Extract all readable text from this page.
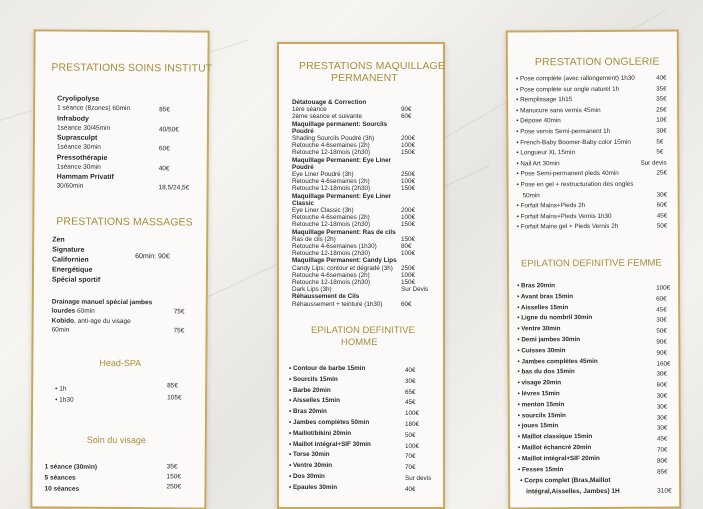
PRESTATIONS SOINS INSTITUT
Cryolipolyse
1 séance (8zones) 60min	85€
Infrabody
1séance 30/45min	40/50€
Suprasculpt
1séance 30min	60€
Pressothérapie
1séance 30min	40€
Hammam Privatif
30/60min	18,5/24,5€
PRESTATIONS MASSAGES
Zen
Signature
Californien
Energétique
Spécial sportif
60min: 90€
Drainage manuel spécial jambes
lourdes 60min	75€
Kobido, anti-age du visage
60min	75€
Head-SPA
• 1h	85€
• 1h30	105€
Soin du visage
1 séance (30min)	35€
5 séances	150€
10 séances	250€
PRESTATIONS MAQUILLAGE
PERMANENT
Détatouage & Correction
1ère séance	90€
2ème séance et suivante	60€
Maquillage permanent: Sourcils
Poudré
Shading Sourcils Poudré (3h)	200€
Retouche 4-6semaines (2h)	100€
Retouche 12-18mois (2h30)	150€
Maquillage Permanent: Eye Liner
Poudré
Eye Liner Poudré (3h)	250€
Retouche 4-6semaines (2h)	100€
Retouche 12-18mois (2h30)	150€
Maquillage Permanent: Eye Liner
Classic
Eye Liner Classic (3h)	200€
Retouche 4-6semaines (2h)	100€
Retouche 12-18mois (2h30)	150€
Maquillage Permanent: Ras de cils
Ras de cils (2h)	150€
Retouche 4-6semaines (1h30)	80€
Retouche 12-18mois (2h30)	100€
Maquillage Permanent: Candy Lips
Candy Lips: contour et dégradé (3h) 250€
Retouche 4-6semaines (2h)	100€
Retouche 12-18mois (2h30)	150€
Dark Lips (3h)	Sur Devis
Réhaussement de Cils
Réhaussement + teinture (1h30)	60€
EPILATION DEFINITIVE
HOMME
• Contour de barbe 15min	40€
• Sourcils 15min	30€
• Barbe 20min	65€
• Aisselles 15min	45€
• Bras 20min	100€
• Jambes complètes 50min	180€
• Maillot/bikini 20min	50€
• Maillot intégral+SIF 30min	100€
• Torse 30min	70€
• Ventre 30min	70€
• Dos 30min	Sur devis
• Epaules 30min	40€
PRESTATION ONGLERIE
• Pose complète (avec rallongement) 1h30	40€
• Pose complète sur ongle naturel 1h	35€
• Remplissage 1h15	35€
• Manucure sans vernis 45min	25€
• Dépose 40min	10€
• Pose vernis Semi-permanent 1h	30€
• French-Baby Boomer-Baby color 15min	5€
• Longueur XL 15min	5€
• Nail Art 30min	Sur devis
• Pose Semi-permanent pieds 40min	25€
• Pose en gel + restructuration des ongles
50min	30€
• Forfait Mains+Pieds 2h	60€
• Forfait Mains+Pieds Vernis 1h30	45€
• Forfait Mains gel + Pieds Vernis 2h	50€
EPILATION DEFINITIVE FEMME
• Bras 20min	100€
• Avant bras 15min	60€
• Aisselles 15min	45€
• Ligne du nombril 30min	30€
• Ventre 30min	50€
• Demi jambes 30min	90€
• Cuisses 30min	90€
• Jambes complètes 45min	160€
• bas du dos 15min	30€
• visage 20min	60€
• lèvres 15min	30€
• menton 15min	30€
• sourcils 15min	30€
• joues 15min	30€
• Maillot classique 15min	45€
• Maillot échancré 20min	70€
• Maillot intégral+SIF 20min	80€
• Fesses 15min	85€
• Corps complet (Bras,Maillot
intégral,Aisselles, Jambes) 1H	310€
